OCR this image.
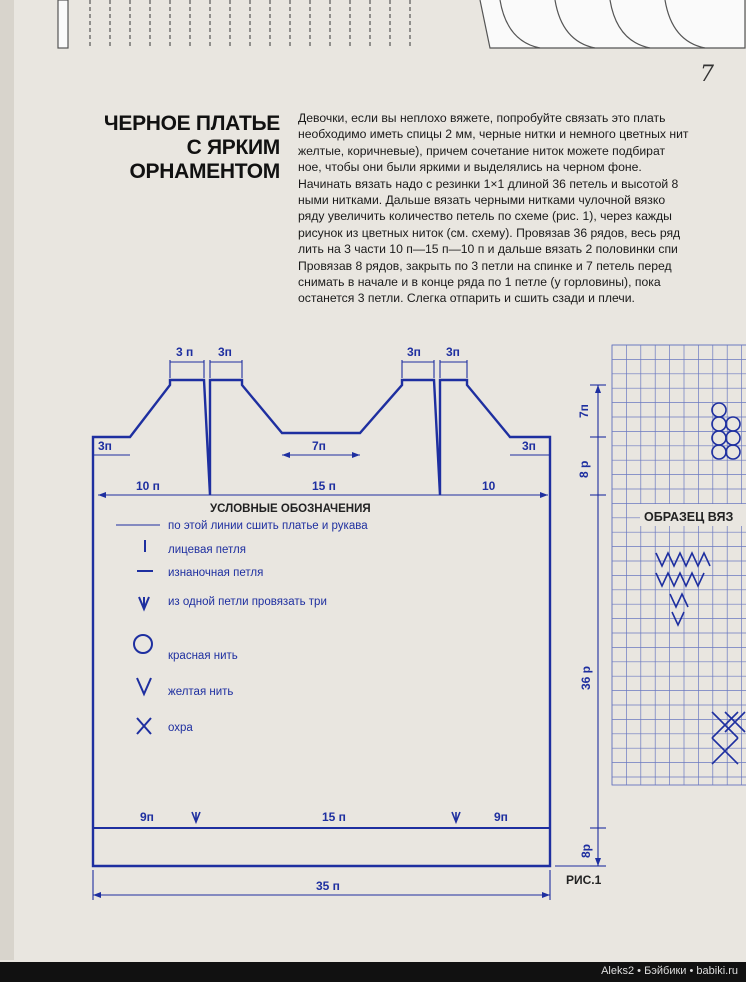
7
ЧЕРНОЕ ПЛАТЬЕ
С ЯРКИМ
ОРНАМЕНТОМ
Девочки, если вы неплохо вяжете, попробуйте связать это плать
необходимо иметь спицы 2 мм, черные нитки и немного цветных нит
желтые, коричневые), причем сочетание ниток можете подбират
ное, чтобы они были яркими и выделялись на черном фоне.
Начинать вязать надо с резинки 1×1 длиной 36 петель и высотой 8
ными нитками. Дальше вязать черными нитками чулочной вязко
ряду увеличить количество петель по схеме (рис. 1), через кажды
рисунок из цветных ниток (см. схему). Провязав 36 рядов, весь ряд
лить на 3 части 10 п—15 п—10 п и дальше вязать 2 половинки спи
Провязав 8 рядов, закрыть по 3 петли на спинке и 7 петель перед
снимать в начале и в конце ряда по 1 петле (у горловины), пока
останется 3 петли. Слегка отпарить и сшить сзади и плечи.
3 п 3п	3п 3п
3п	3п
7п
10 п	15 п	10
9п	15 п	9п
35 п
7п
8 р
36 р
8р
РИС.1
УСЛОВНЫЕ ОБОЗНАЧЕНИЯ
по этой линии сшить платье и рукава
лицевая петля
изнаночная петля
из одной петли провязать три
красная нить
желтая нить
охра
ОБРАЗЕЦ ВЯЗ
Aleks2 • Бэйбики • babiki.ru
